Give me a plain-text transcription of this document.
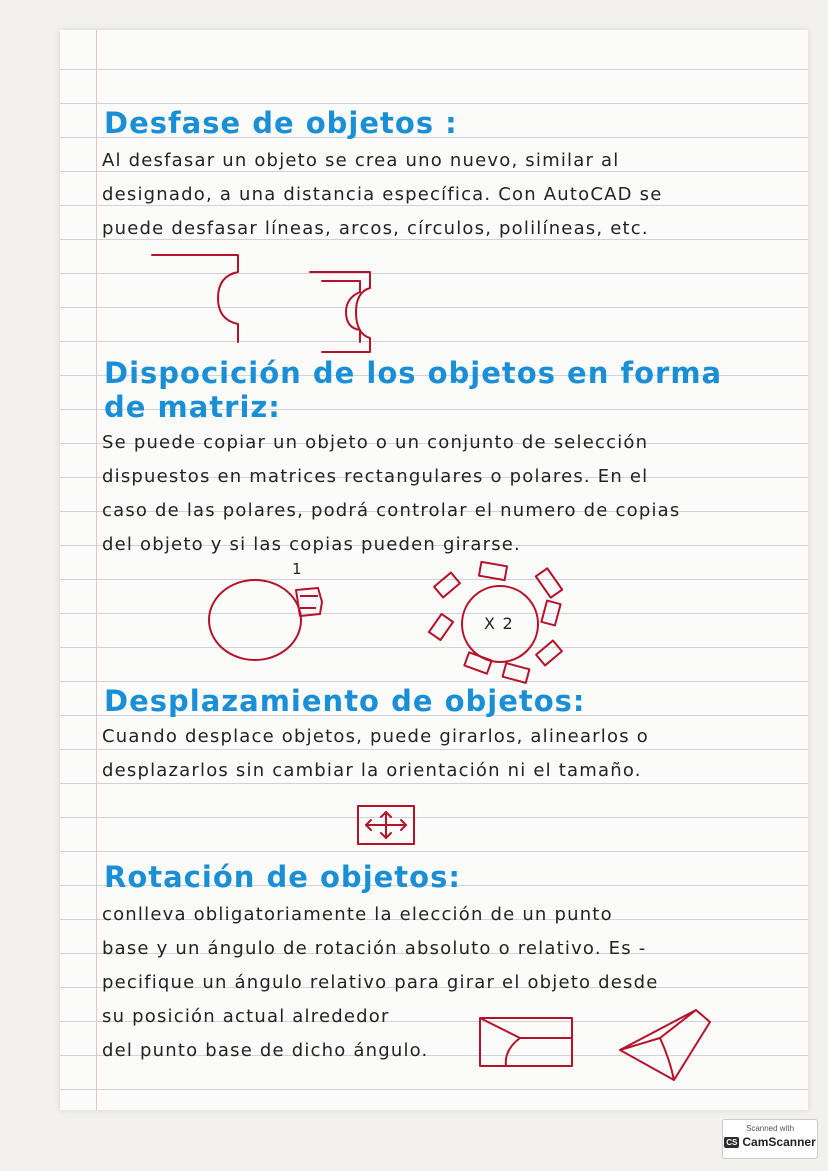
Desfase de objetos :
Al desfasar un objeto se crea uno nuevo, similar al
designado, a una distancia específica. Con AutoCAD se
puede desfasar líneas, arcos, círculos, polilíneas, etc.
Dispocición de los objetos en forma
de matriz:
Se puede copiar un objeto o un conjunto de selección
dispuestos en matrices rectangulares o polares. En el
caso de las polares, podrá controlar el numero de copias
del objeto y si las copias pueden girarse.
1
X 2
Desplazamiento de objetos:
Cuando desplace objetos, puede girarlos, alinearlos o
desplazarlos sin cambiar la orientación ni el tamaño.
Rotación de objetos:
conlleva obligatoriamente la elección de un punto
base y un ángulo de rotación absoluto o relativo. Es -
pecifique un ángulo relativo para girar el objeto desde
su posición actual alrededor
del punto base de dicho ángulo.
Scanned with
CS CamScanner
